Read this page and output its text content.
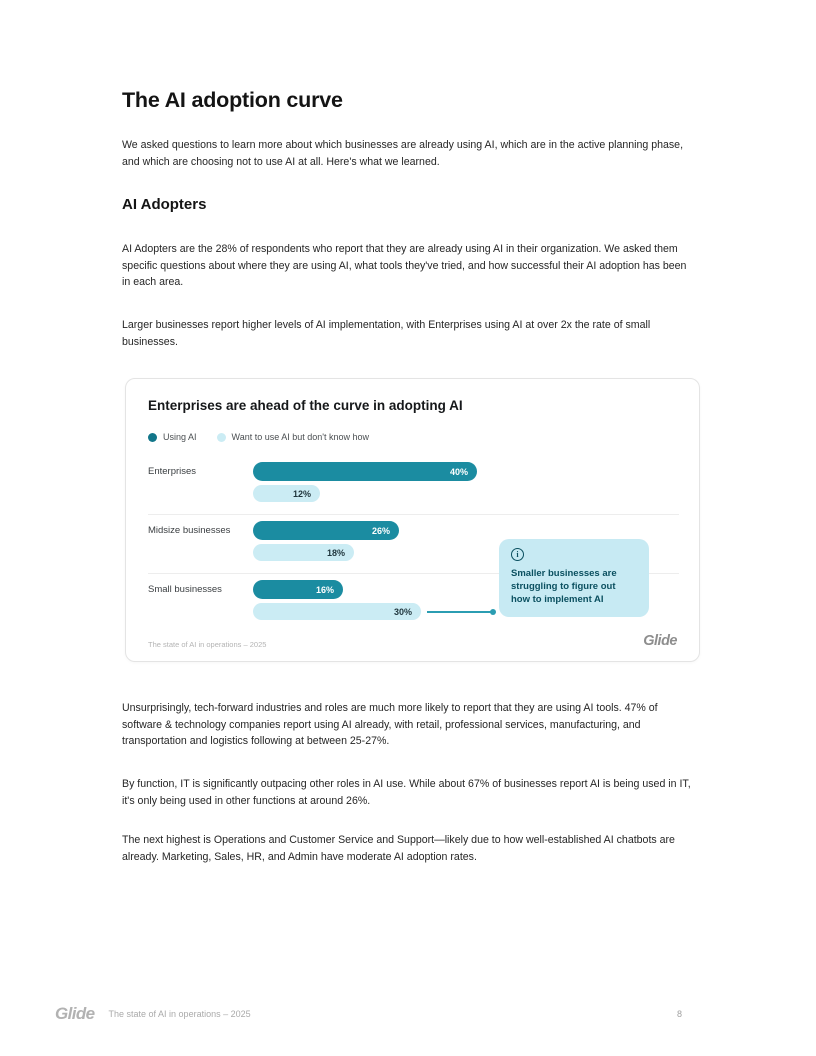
The AI adoption curve

We asked questions to learn more about which businesses are already using AI, which are in the active planning phase, and which are choosing not to use AI at all. Here's what we learned.

AI Adopters

AI Adopters are the 28% of respondents who report that they are already using AI in their organization. We asked them specific questions about where they are using AI, what tools they've tried, and how successful their AI adoption has been in each area.

Larger businesses report higher levels of AI implementation, with Enterprises using AI at over 2x the rate of small businesses.

Enterprises are ahead of the curve in adopting AI
Using AI	Want to use AI but don't know how
Enterprises	40%
12%
Midsize businesses	26%
18%
Small businesses	16%
30%
i
Smaller businesses are struggling to figure out how to implement AI
The state of AI in operations – 2025	Glide

Unsurprisingly, tech-forward industries and roles are much more likely to report that they are using AI tools. 47% of software & technology companies report using AI already, with retail, professional services, manufacturing, and transportation and logistics following at between 25-27%.

By function, IT is significantly outpacing other roles in AI use. While about 67% of businesses report AI is being used in IT, it's only being used in other functions at around 26%.

The next highest is Operations and Customer Service and Support—likely due to how well-established AI chatbots are already. Marketing, Sales, HR, and Admin have moderate AI adoption rates.

Glide The state of AI in operations – 2025	8
